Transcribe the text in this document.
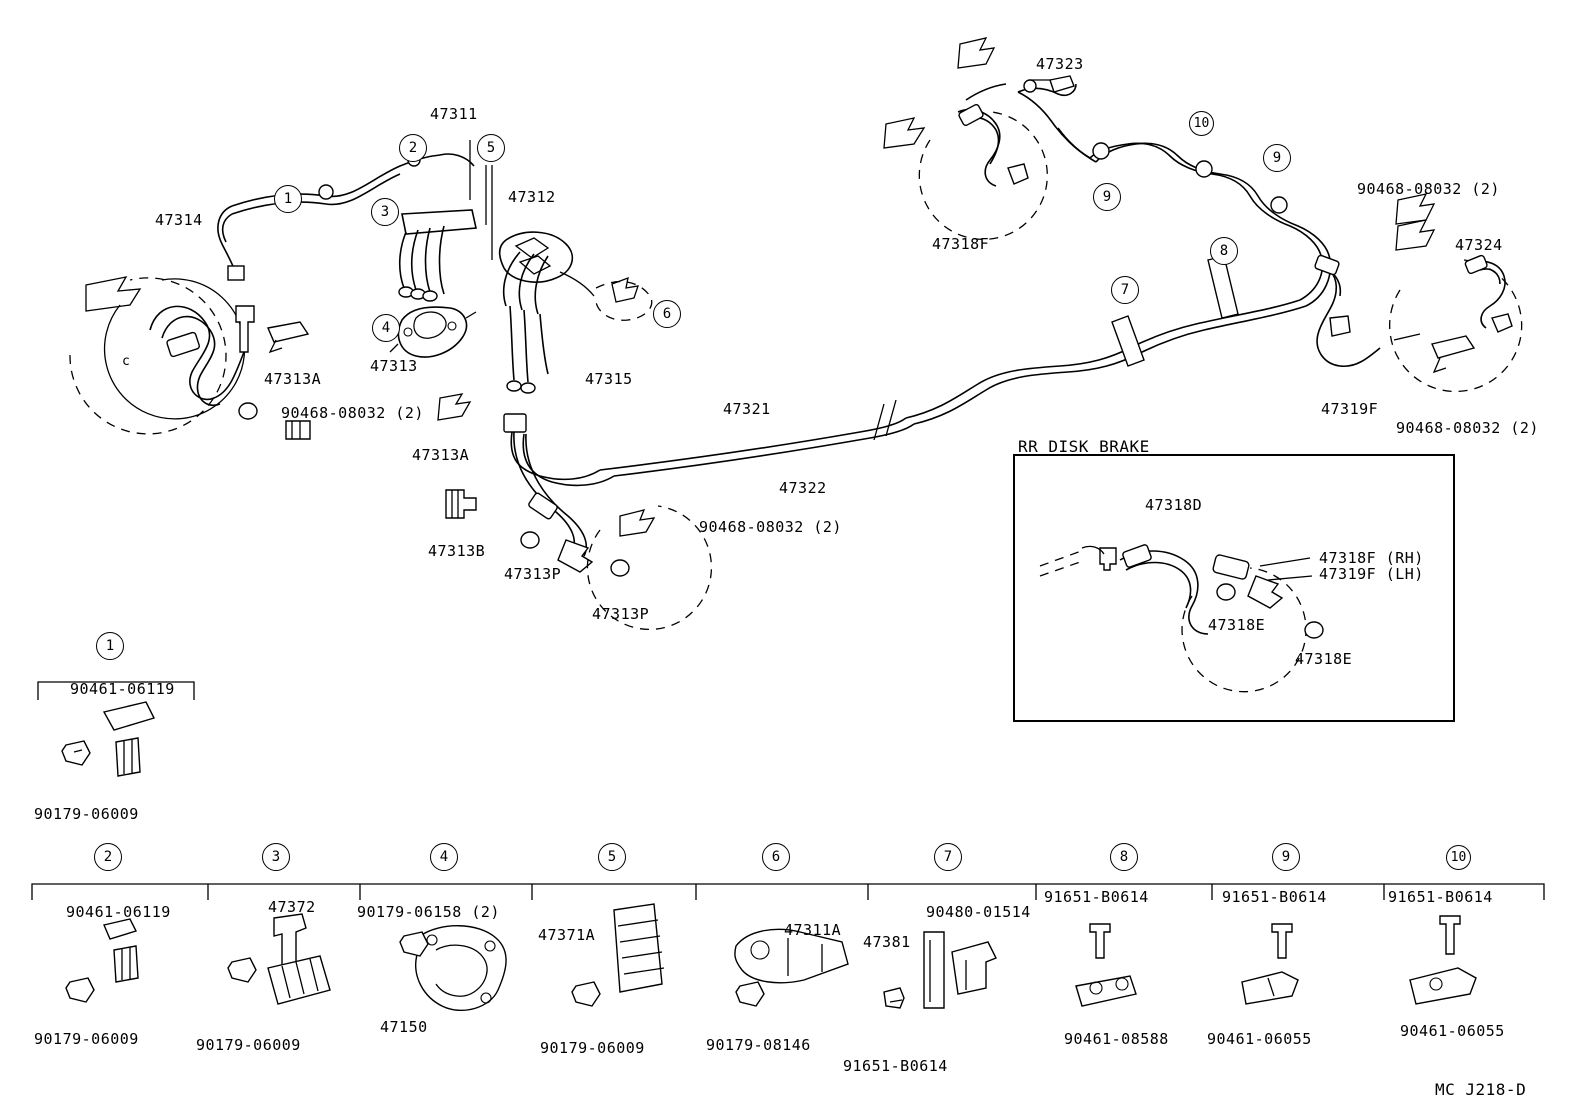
c
1
2
3
4
5
6
7
8
9
9
10
47314
47311
47312
47313
47313A
47313A
47315
47313B
47313P
47313P
47321
47322
47318F
47323
47324
47319F
90468-08032 (2)
90468-08032 (2)
90468-08032 (2)
90468-08032 (2)
RR DISK BRAKE
47318D
47318F (RH)
47319F (LH)
47318E
47318E
1
90461-06119
90179-06009
2	3	4	5	6	7	8	9	10
90461-06119
90179-06009
47372
90179-06009
90179-06158 (2)
47150
47371A
90179-06009
47311A
90179-08146
90480-01514
47381
91651-B0614
91651-B0614
90461-08588
91651-B0614
90461-06055
91651-B0614
90461-06055
MC J218-D
